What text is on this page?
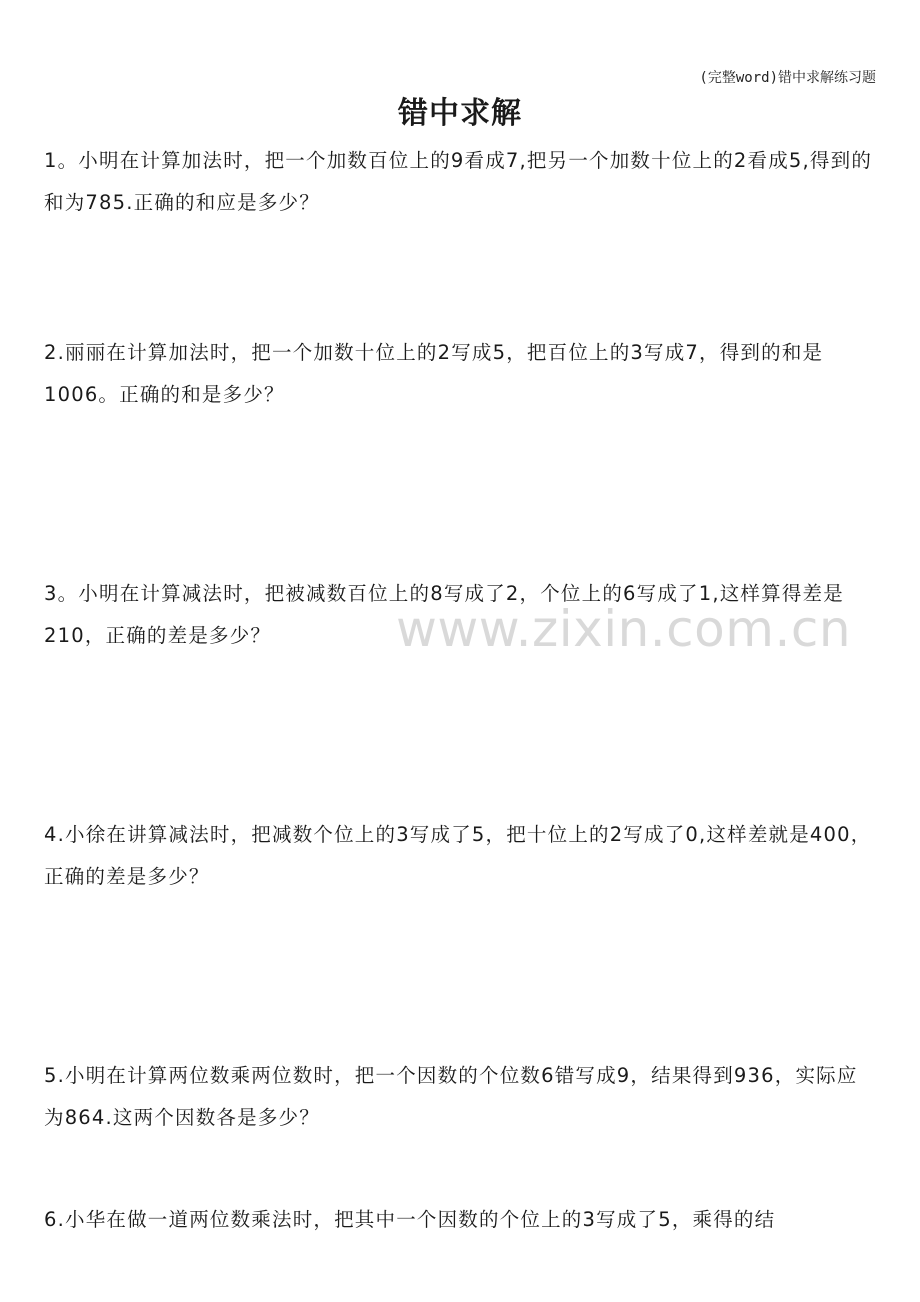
(完整word)错中求解练习题
错中求解
1。小明在计算加法时，把一个加数百位上的9看成7,把另一个加数十位上的2看成5,得到的和为785.正确的和应是多少？
2.丽丽在计算加法时，把一个加数十位上的2写成5，把百位上的3写成7，得到的和是1006。正确的和是多少？
3。小明在计算减法时，把被减数百位上的8写成了2，个位上的6写成了1,这样算得差是210，正确的差是多少？
4.小徐在讲算减法时，把减数个位上的3写成了5，把十位上的2写成了0,这样差就是400，正确的差是多少？
5.小明在计算两位数乘两位数时，把一个因数的个位数6错写成9，结果得到936，实际应为864.这两个因数各是多少？
6.小华在做一道两位数乘法时，把其中一个因数的个位上的3写成了5，乘得的结
www.zixin.com.cn
